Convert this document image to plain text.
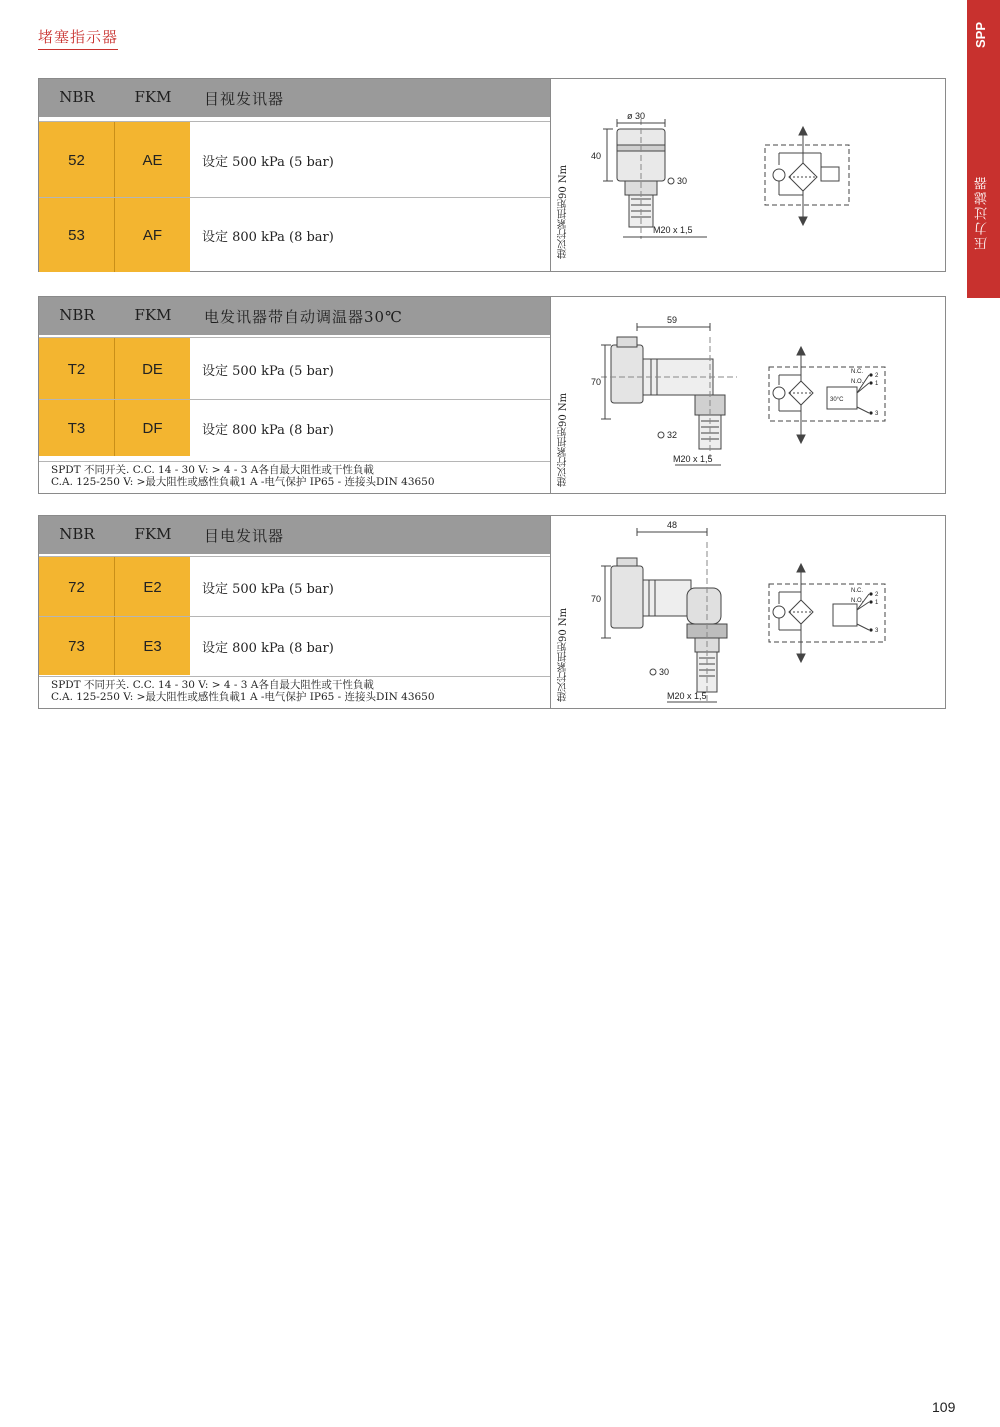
堵塞指示器	SPP
压力过滤器
NBR	FKM	目视发讯器
52	AE	设定 500 kPa (5 bar)
53	AF	设定 800 kPa (8 bar)	建议拧紧扭矩90 Nm
ø 30
40
30
M20 x 1,5
NBR	FKM	电发讯器带自动调温器30℃
T2	DE	设定 500 kPa (5 bar)
T3	DF	设定 800 kPa (8 bar)
SPDT 不同开关. C.C. 14 - 30 V: > 4 - 3 A各自最大阻性或干性負載
C.A. 125-250 V: >最大阻性或感性負載1 A -电气保护 IP65 - 连接头DIN 43650	建议拧紧扭矩90 Nm
59
70
32
M20 x 1,5
N.C.
N.O.
2
1
3
30°C
NBR	FKM	目电发讯器
72	E2	设定 500 kPa (5 bar)
73	E3	设定 800 kPa (8 bar)
SPDT 不同开关. C.C. 14 - 30 V: > 4 - 3 A各自最大阻性或干性負載
C.A. 125-250 V: >最大阻性或感性負載1 A -电气保护 IP65 - 连接头DIN 43650	建议拧紧扭矩90 Nm
48
70
30
M20 x 1,5
N.C.
N.O.
2
1
3
109
